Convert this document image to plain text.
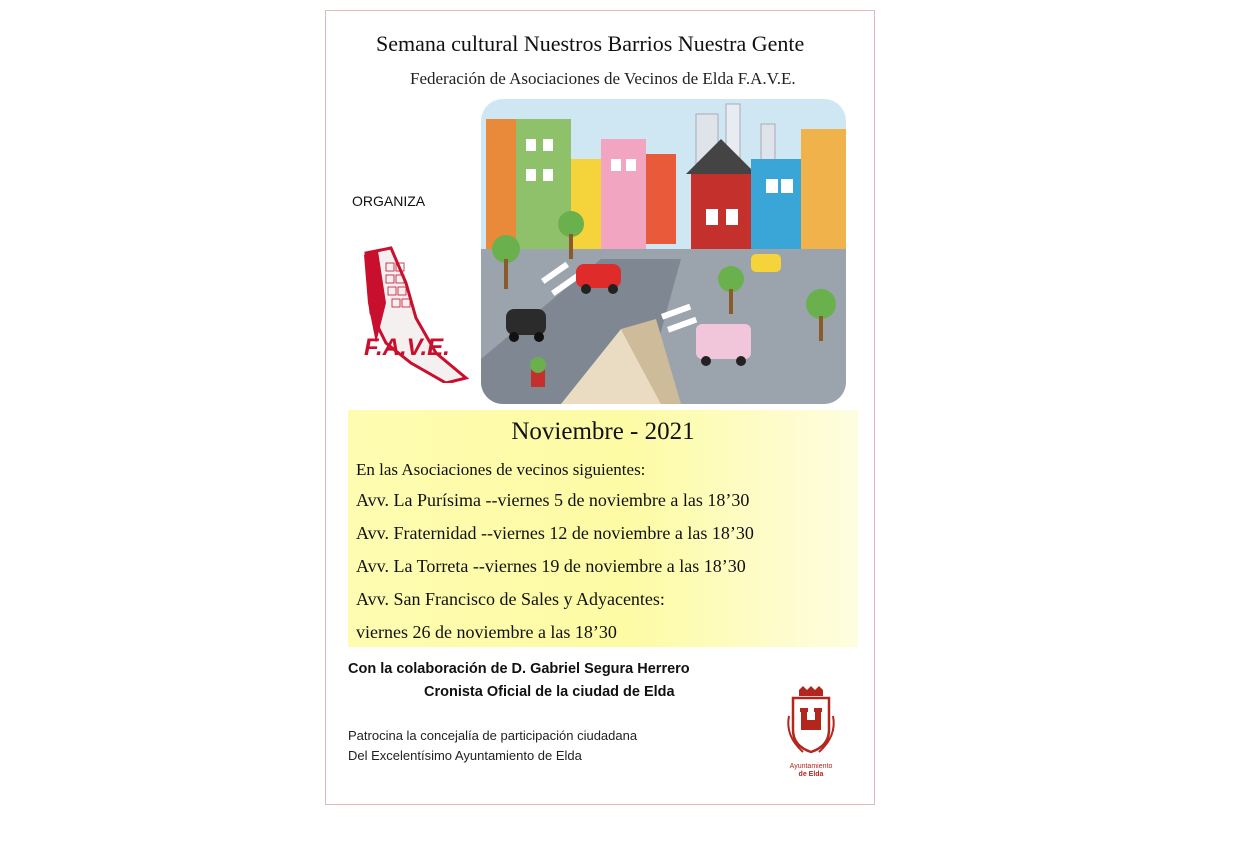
Semana cultural Nuestros Barrios Nuestra Gente
Federación de Asociaciones de Vecinos de Elda F.A.V.E.
ORGANIZA
F.A.V.E.
Noviembre - 2021
En las Asociaciones de vecinos siguientes:
Avv. La Purísima --viernes 5 de noviembre a las 18’30
Avv. Fraternidad --viernes 12 de noviembre a las 18’30
Avv. La Torreta --viernes 19 de noviembre a las 18’30
Avv. San Francisco de Sales y Adyacentes:
viernes 26 de noviembre a las 18’30
Con la colaboración de D. Gabriel Segura Herrero
Cronista Oficial de la ciudad de Elda
Patrocina la concejalía de participación ciudadana
Del Excelentísimo Ayuntamiento de Elda
Ayuntamiento
de Elda
